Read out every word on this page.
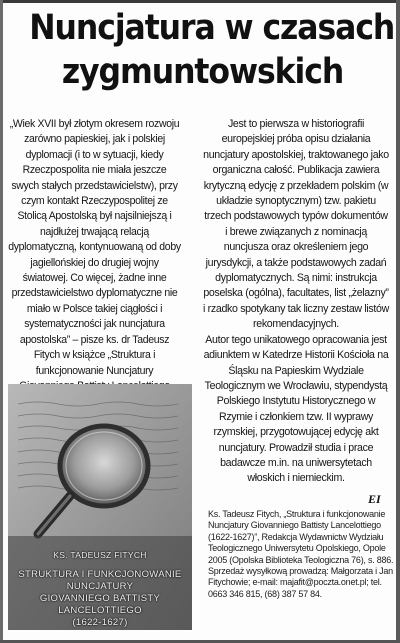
Nuncjatura w czasach
zygmuntowskich

„Wiek XVII był złotym okresem rozwoju zarówno papieskiej, jak i polskiej dyplomacji (i to w sytuacji, kiedy Rzeczpospolita nie miała jeszcze swych stałych przedstawicielstw), przy czym kontakt Rzeczypospolitej ze Stolicą Apostolską był najsilniejszą i najdłużej trwającą relacją dyplomatyczną, kontynuowaną od doby jagiellońskiej do drugiej wojny światowej. Co więcej, żadne inne przedstawicielstwo dyplomatyczne nie miało w Polsce takiej ciągłości i systematyczności jak nuncjatura apostolska” – pisze ks. dr Tadeusz Fitych w książce „Struktura i funkcjonowanie Nuncjatury

KS. TADEUSZ FITYCH
STRUKTURA I FUNKCJONOWANIE
NUNCJATURY
GIOVANNIEGO BATTISTY LANCELOTTIEGO
(1622-1627)

Jest to pierwsza w historiografii europejskiej próba opisu działania nuncjatury apostolskiej, traktowanego jako organiczna całość. Publikacja zawiera krytyczną edycję z przekładem polskim (w układzie synoptycznym) tzw. pakietu trzech podstawowych typów dokumentów i brewe związanych z nominacją nuncjusza oraz określeniem jego jurysdykcji, a także podstawowych zadań dyplomatycznych. Są nimi: instrukcja poselska (ogólna), facultates, list „żelazny” i rzadko spotykany tak liczny zestaw listów rekomendacyjnych.

Autor tego unikatowego opracowania jest adiunktem w Katedrze Historii Kościoła na Śląsku na Papieskim Wydziale Teologicznym we Wrocławiu, stypendystą Polskiego Instytutu Historycznego w Rzymie i członkiem tzw. II wyprawy rzymskiej, przygotowującej edycję akt nuncjatury. Prowadził studia i prace badawcze m.in. na uniwersytetach włoskich i niemieckim.

EI

Ks. Tadeusz Fitych, „Struktura i funkcjonowanie Nuncjatury Giovanniego Battisty Lancelottiego (1622-1627)”, Redakcja Wydawnictw Wydziału Teologicznego Uniwersytetu Opolskiego, Opole 2005 (Opolska Biblioteka Teologiczna 76), s. 886.

Sprzedaż wysyłkową prowadzą: Małgorzata i Jan Fitychowie; e-mail: majafit@poczta.onet.pl; tel. 0663 346 815, (68) 387 57 84.
